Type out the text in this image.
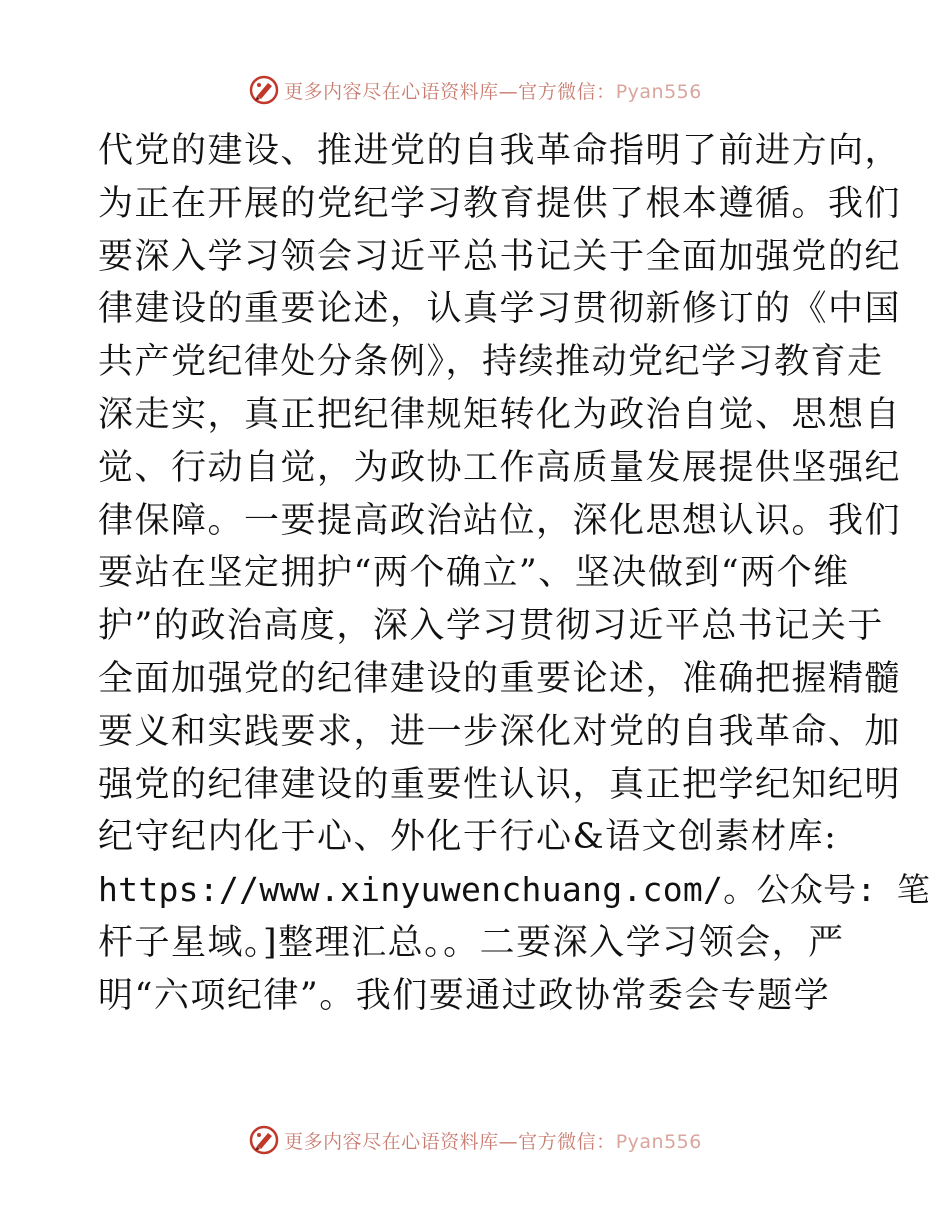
更多内容尽在心语资料库—官方微信：Pyan556
代党的建设、推进党的自我革命指明了前进方向，
为正在开展的党纪学习教育提供了根本遵循。我们
要深入学习领会习近平总书记关于全面加强党的纪
律建设的重要论述，认真学习贯彻新修订的《中国
共产党纪律处分条例》，持续推动党纪学习教育走
深走实，真正把纪律规矩转化为政治自觉、思想自
觉、行动自觉，为政协工作高质量发展提供坚强纪
律保障。一要提高政治站位，深化思想认识。我们
要站在坚定拥护“两个确立”、坚决做到“两个维
护”的政治高度，深入学习贯彻习近平总书记关于
全面加强党的纪律建设的重要论述，准确把握精髓
要义和实践要求，进一步深化对党的自我革命、加
强党的纪律建设的重要性认识，真正把学纪知纪明
纪守纪内化于心、外化于行心&语文创素材库:
https://www.xinyuwenchuang.com/。公众号: 笔
杆子星域。]整理汇总。。二要深入学习领会，严
明“六项纪律”。我们要通过政协常委会专题学
更多内容尽在心语资料库—官方微信：Pyan556
